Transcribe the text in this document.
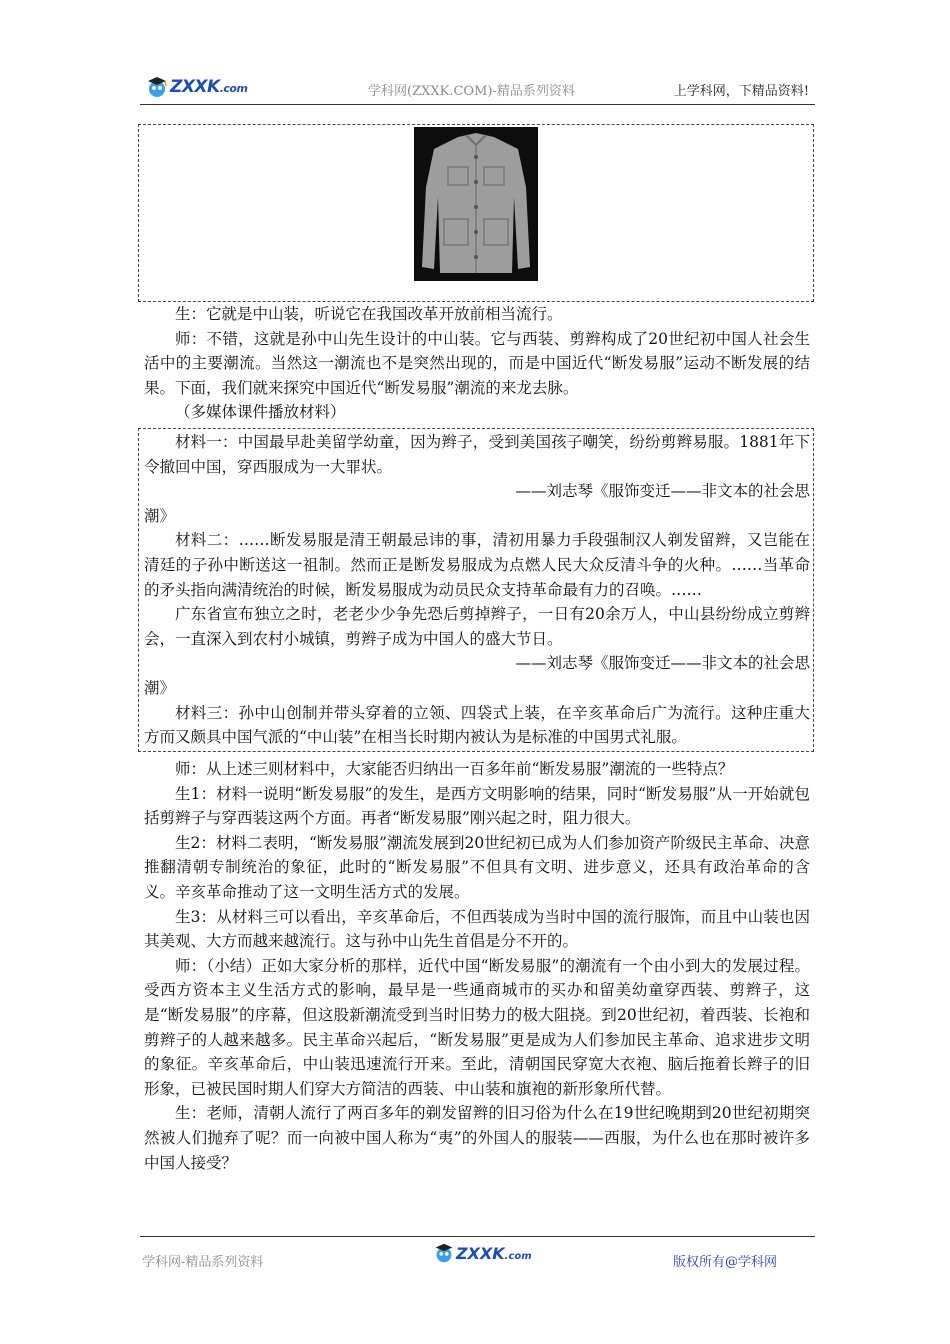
ZXXK.com	学科网(ZXXK.COM)-精品系列资料	上学科网，下精品资料!

生：它就是中山装，听说它在我国改革开放前相当流行。

师：不错，这就是孙中山先生设计的中山装。它与西装、剪辫构成了20世纪初中国人社会生活中的主要潮流。当然这一潮流也不是突然出现的，而是中国近代“断发易服”运动不断发展的结果。下面，我们就来探究中国近代“断发易服”潮流的来龙去脉。

（多媒体课件播放材料）

材料一：中国最早赴美留学幼童，因为辫子，受到美国孩子嘲笑，纷纷剪辫易服。1881年下令撤回中国，穿西服成为一大罪状。

——刘志琴《服饰变迁——非文本的社会思

潮》

材料二：……断发易服是清王朝最忌讳的事，清初用暴力手段强制汉人剃发留辫，又岂能在清廷的子孙中断送这一祖制。然而正是断发易服成为点燃人民大众反清斗争的火种。……当革命的矛头指向满清统治的时候，断发易服成为动员民众支持革命最有力的召唤。……

广东省宣布独立之时，老老少少争先恐后剪掉辫子，一日有20余万人，中山县纷纷成立剪辫会，一直深入到农村小城镇，剪辫子成为中国人的盛大节日。

——刘志琴《服饰变迁——非文本的社会思

潮》

材料三：孙中山创制并带头穿着的立领、四袋式上装，在辛亥革命后广为流行。这种庄重大方而又颇具中国气派的“中山装”在相当长时期内被认为是标准的中国男式礼服。

师：从上述三则材料中，大家能否归纳出一百多年前“断发易服”潮流的一些特点？

生1：材料一说明“断发易服”的发生，是西方文明影响的结果，同时“断发易服”从一开始就包括剪辫子与穿西装这两个方面。再者“断发易服”刚兴起之时，阻力很大。

生2：材料二表明，“断发易服”潮流发展到20世纪初已成为人们参加资产阶级民主革命、决意推翻清朝专制统治的象征，此时的“断发易服”不但具有文明、进步意义，还具有政治革命的含义。辛亥革命推动了这一文明生活方式的发展。

生3：从材料三可以看出，辛亥革命后，不但西装成为当时中国的流行服饰，而且中山装也因其美观、大方而越来越流行。这与孙中山先生首倡是分不开的。

师：（小结）正如大家分析的那样，近代中国“断发易服”的潮流有一个由小到大的发展过程。受西方资本主义生活方式的影响，最早是一些通商城市的买办和留美幼童穿西装、剪辫子，这是“断发易服”的序幕，但这股新潮流受到当时旧势力的极大阻挠。到20世纪初，着西装、长袍和剪辫子的人越来越多。民主革命兴起后，“断发易服”更是成为人们参加民主革命、追求进步文明的象征。辛亥革命后，中山装迅速流行开来。至此，清朝国民穿宽大衣袍、脑后拖着长辫子的旧形象，已被民国时期人们穿大方简洁的西装、中山装和旗袍的新形象所代替。

生：老师，清朝人流行了两百多年的剃发留辫的旧习俗为什么在19世纪晚期到20世纪初期突然被人们抛弃了呢？而一向被中国人称为“夷”的外国人的服装——西服，为什么也在那时被许多中国人接受？

学科网-精品系列资料	ZXXK.com	版权所有@学科网
